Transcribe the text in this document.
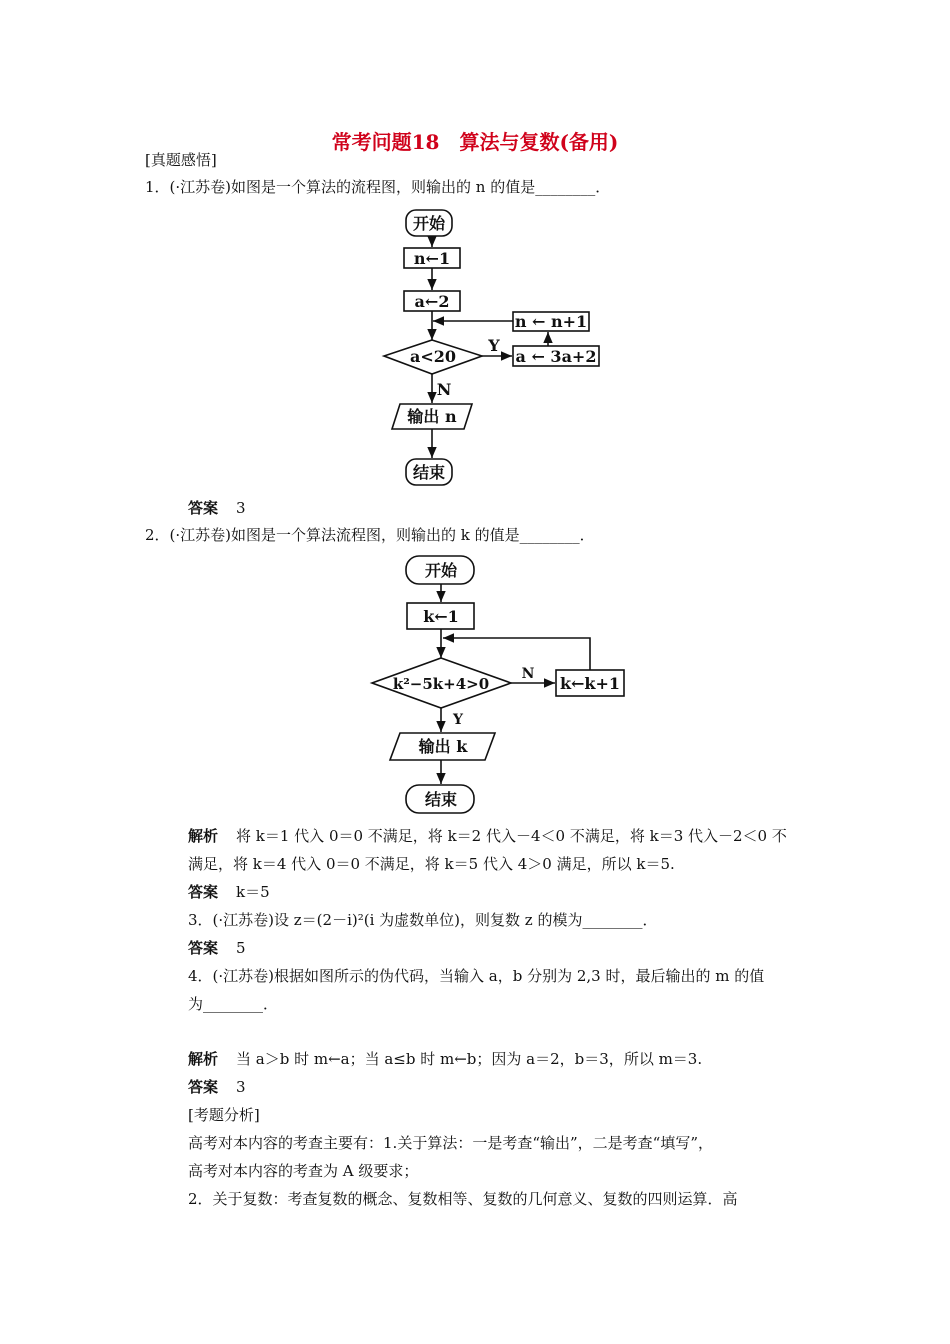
常考问题18　算法与复数(备用)
[真题感悟]
1．(·江苏卷)如图是一个算法的流程图，则输出的 n 的值是________．
开始
n←1
a←2
a<20
Y
a ← 3a+2
n ← n+1
N
输出 n
结束
答案 3
2．(·江苏卷)如图是一个算法流程图，则输出的 k 的值是________．
开始
k←1
k²−5k+4>0
N k←k+1
Y
输出 k
结束
解析 将 k＝1 代入 0＝0 不满足，将 k＝2 代入－4＜0 不满足，将 k＝3 代入－2＜0 不
满足，将 k＝4 代入 0＝0 不满足，将 k＝5 代入 4＞0 满足，所以 k＝5.
答案 k＝5
3．(·江苏卷)设 z＝(2－i)²(i 为虚数单位)，则复数 z 的模为________．
答案 5
4．(·江苏卷)根据如图所示的伪代码，当输入 a，b 分别为 2,3 时，最后输出的 m 的值
为________．
解析 当 a＞b 时 m←a；当 a≤b 时 m←b；因为 a＝2，b＝3，所以 m＝3.
答案 3
[考题分析]
高考对本内容的考查主要有：1.关于算法：一是考查“输出”，二是考查“填写”，
高考对本内容的考查为 A 级要求；
2．关于复数：考查复数的概念、复数相等、复数的几何意义、复数的四则运算．高
